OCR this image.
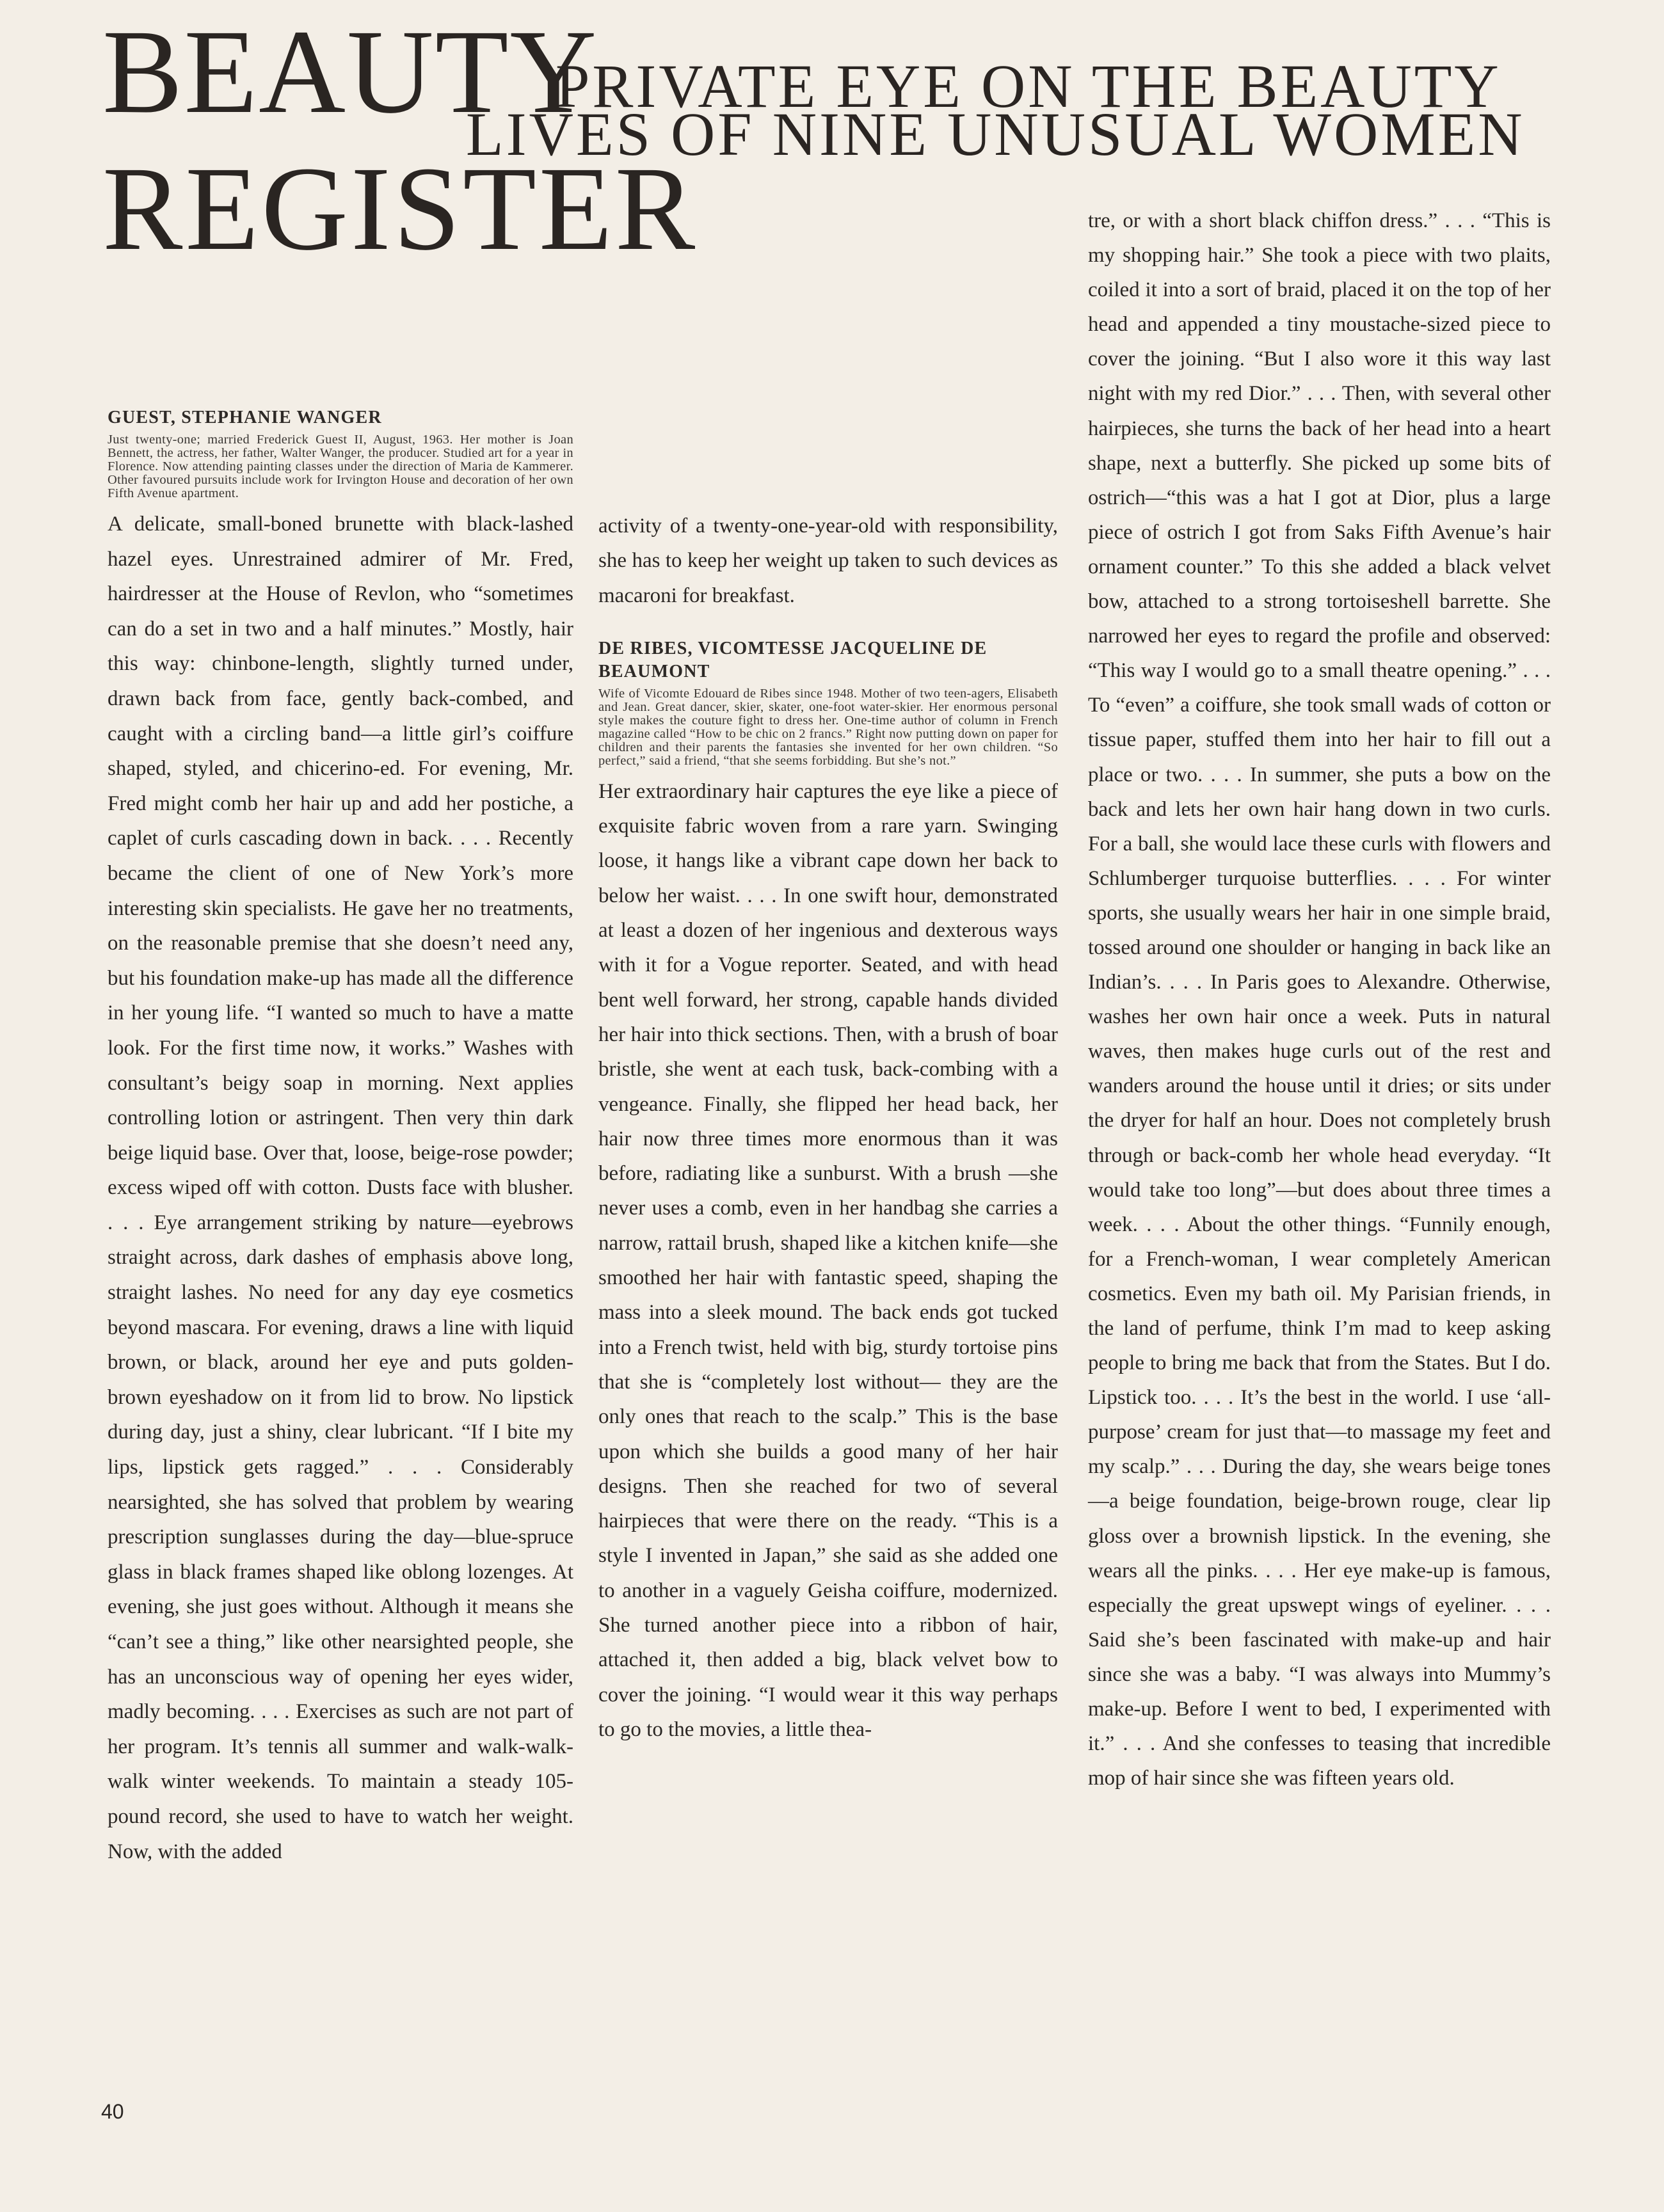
BEAUTY
PRIVATE EYE ON THE BEAUTY
LIVES OF NINE UNUSUAL WOMEN
REGISTER
GUEST, STEPHANIE WANGER

Just twenty-one; married Frederick Guest II, August, 1963. Her mother is Joan Bennett, the actress, her father, Walter Wanger, the producer. Studied art for a year in Florence. Now attending painting classes under the direction of Maria de Kammerer. Other favoured pursuits include work for Irvington House and decoration of her own Fifth Avenue apartment.

A delicate, small-boned brunette with black-lashed hazel eyes. Unrestrained admirer of Mr. Fred, hairdresser at the House of Revlon, who “sometimes can do a set in two and a half minutes.” Mostly, hair this way: chinbone-length, slightly turned under, drawn back from face, gently back-combed, and caught with a circling band—a little girl’s coiffure shaped, styled, and chicerino-ed. For evening, Mr. Fred might comb her hair up and add her postiche, a caplet of curls cascading down in back. . . . Recently became the client of one of New York’s more interesting skin specialists. He gave her no treatments, on the reasonable premise that she doesn’t need any, but his foundation make-up has made all the difference in her young life. “I wanted so much to have a matte look. For the first time now, it works.” Washes with consultant’s beigy soap in morning. Next applies controlling lotion or astringent. Then very thin dark beige liquid base. Over that, loose, beige-rose powder; excess wiped off with cotton. Dusts face with blusher. . . . Eye arrangement striking by nature—eyebrows straight across, dark dashes of emphasis above long, straight lashes. No need for any day eye cosmetics beyond mascara. For evening, draws a line with liquid brown, or black, around her eye and puts golden-brown eyeshadow on it from lid to brow. No lipstick during day, just a shiny, clear lubricant. “If I bite my lips, lipstick gets ragged.” . . . Considerably nearsighted, she has solved that problem by wearing prescription sunglasses during the day—blue-spruce glass in black frames shaped like oblong lozenges. At evening, she just goes without. Although it means she “can’t see a thing,” like other nearsighted people, she has an unconscious way of opening her eyes wider, madly becoming. . . . Exercises as such are not part of her program. It’s tennis all summer and walk-walk-walk winter weekends. To maintain a steady 105-pound record, she used to have to watch her weight. Now, with the added

activity of a twenty-one-year-old with responsibility, she has to keep her weight up taken to such devices as macaroni for breakfast.

DE RIBES, VICOMTESSE JACQUELINE DE BEAUMONT

Wife of Vicomte Edouard de Ribes since 1948. Mother of two teen-agers, Elisabeth and Jean. Great dancer, skier, skater, one-foot water-skier. Her enormous personal style makes the couture fight to dress her. One-time author of column in French magazine called “How to be chic on 2 francs.” Right now putting down on paper for children and their parents the fantasies she invented for her own children. “So perfect,” said a friend, “that she seems forbidding. But she’s not.”

Her extraordinary hair captures the eye like a piece of exquisite fabric woven from a rare yarn. Swinging loose, it hangs like a vibrant cape down her back to below her waist. . . . In one swift hour, demonstrated at least a dozen of her ingenious and dexterous ways with it for a Vogue reporter. Seated, and with head bent well forward, her strong, capable hands divided her hair into thick sections. Then, with a brush of boar bristle, she went at each tusk, back-combing with a vengeance. Finally, she flipped her head back, her hair now three times more enormous than it was before, radiating like a sunburst. With a brush —she never uses a comb, even in her handbag she carries a narrow, rattail brush, shaped like a kitchen knife—she smoothed her hair with fantastic speed, shaping the mass into a sleek mound. The back ends got tucked into a French twist, held with big, sturdy tortoise pins that she is “completely lost without— they are the only ones that reach to the scalp.” This is the base upon which she builds a good many of her hair designs. Then she reached for two of several hairpieces that were there on the ready. “This is a style I invented in Japan,” she said as she added one to another in a vaguely Geisha coiffure, modernized. She turned another piece into a ribbon of hair, attached it, then added a big, black velvet bow to cover the joining. “I would wear it this way perhaps to go to the movies, a little thea-

tre, or with a short black chiffon dress.” . . . “This is my shopping hair.” She took a piece with two plaits, coiled it into a sort of braid, placed it on the top of her head and appended a tiny moustache-sized piece to cover the joining. “But I also wore it this way last night with my red Dior.” . . . Then, with several other hairpieces, she turns the back of her head into a heart shape, next a butterfly. She picked up some bits of ostrich—“this was a hat I got at Dior, plus a large piece of ostrich I got from Saks Fifth Avenue’s hair ornament counter.” To this she added a black velvet bow, attached to a strong tortoiseshell barrette. She narrowed her eyes to regard the profile and observed: “This way I would go to a small theatre opening.” . . . To “even” a coiffure, she took small wads of cotton or tissue paper, stuffed them into her hair to fill out a place or two. . . . In summer, she puts a bow on the back and lets her own hair hang down in two curls. For a ball, she would lace these curls with flowers and Schlumberger turquoise butterflies. . . . For winter sports, she usually wears her hair in one simple braid, tossed around one shoulder or hanging in back like an Indian’s. . . . In Paris goes to Alexandre. Otherwise, washes her own hair once a week. Puts in natural waves, then makes huge curls out of the rest and wanders around the house until it dries; or sits under the dryer for half an hour. Does not completely brush through or back-comb her whole head everyday. “It would take too long”—but does about three times a week. . . . About the other things. “Funnily enough, for a French-woman, I wear completely American cosmetics. Even my bath oil. My Parisian friends, in the land of perfume, think I’m mad to keep asking people to bring me back that from the States. But I do. Lipstick too. . . . It’s the best in the world. I use ‘all-purpose’ cream for just that—to massage my feet and my scalp.” . . . During the day, she wears beige tones—a beige foundation, beige-brown rouge, clear lip gloss over a brownish lipstick. In the evening, she wears all the pinks. . . . Her eye make-up is famous, especially the great upswept wings of eyeliner. . . . Said she’s been fascinated with make-up and hair since she was a baby. “I was always into Mummy’s make-up. Before I went to bed, I experimented with it.” . . . And she confesses to teasing that incredible mop of hair since she was fifteen years old.

40
